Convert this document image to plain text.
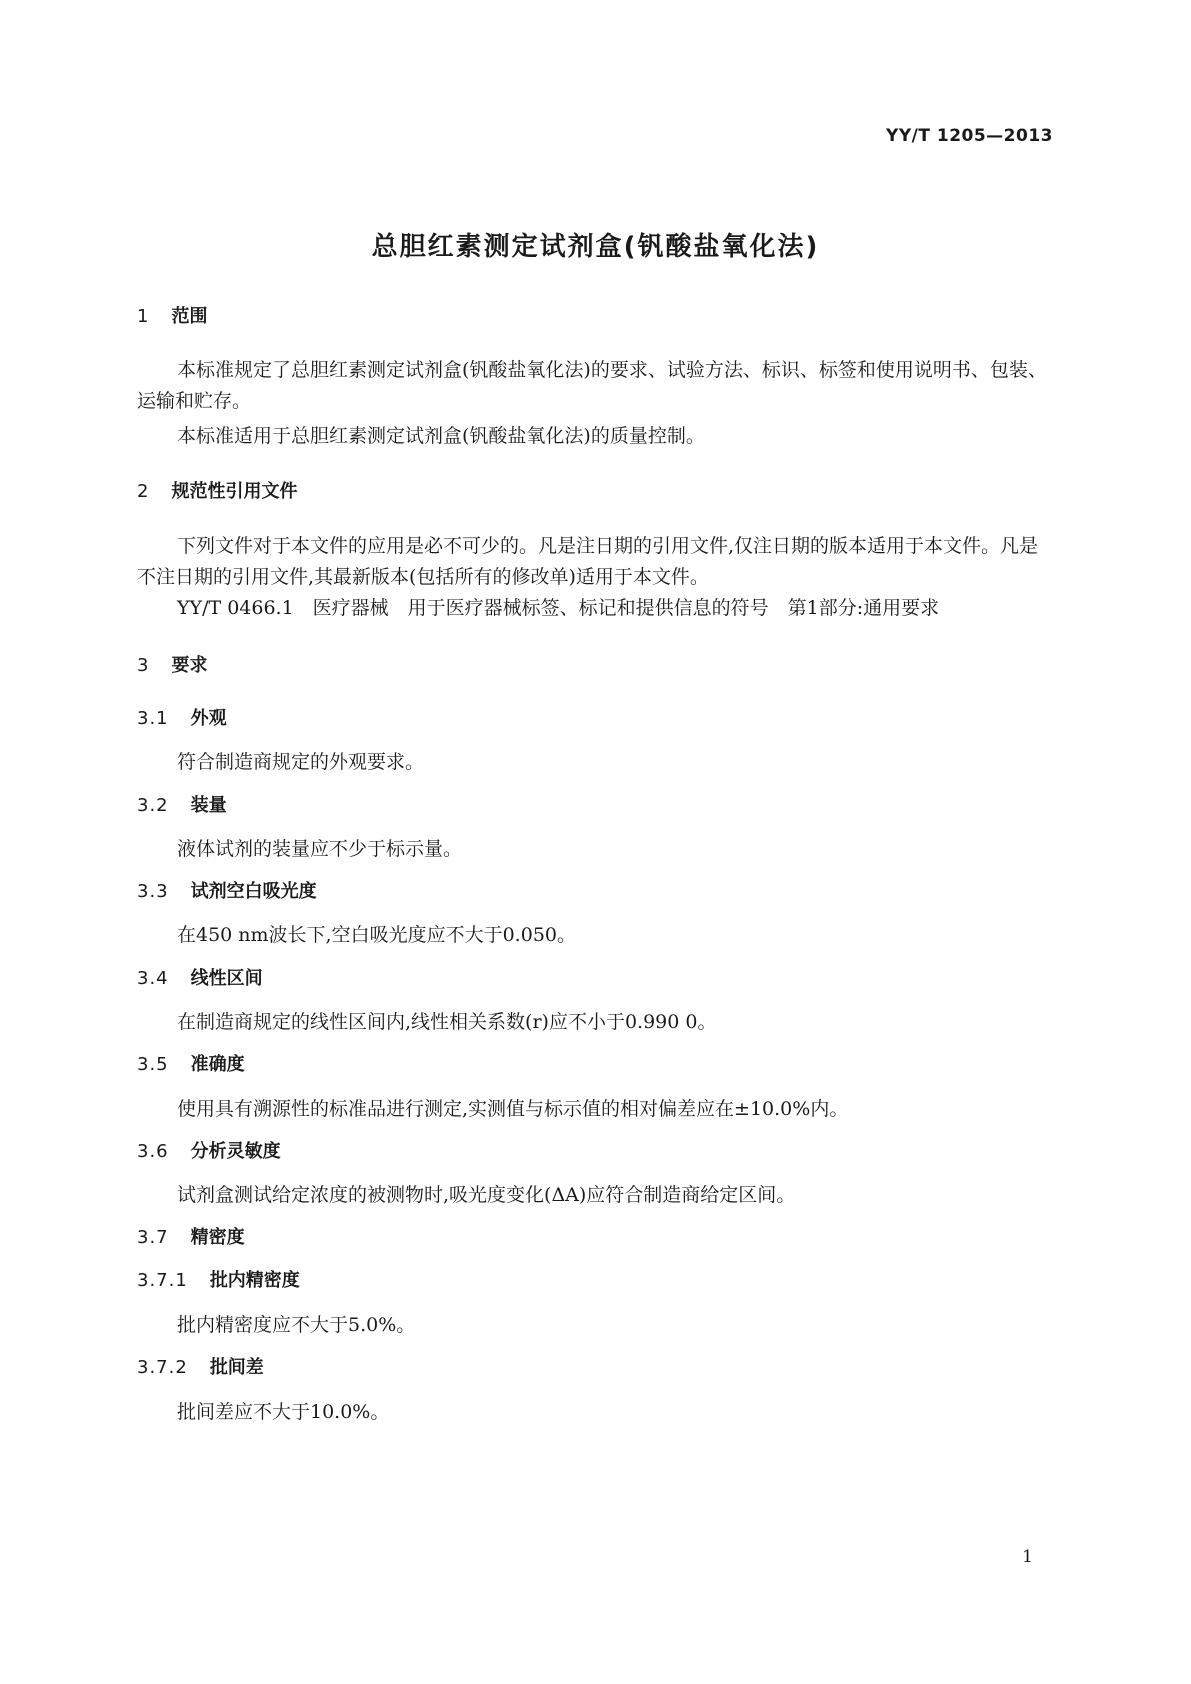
YY/T 1205—2013
总胆红素测定试剂盒(钒酸盐氧化法)
1 范围
本标准规定了总胆红素测定试剂盒(钒酸盐氧化法)的要求、试验方法、标识、标签和使用说明书、包装、运输和贮存。
本标准适用于总胆红素测定试剂盒(钒酸盐氧化法)的质量控制。
2 规范性引用文件
下列文件对于本文件的应用是必不可少的。凡是注日期的引用文件,仅注日期的版本适用于本文件。凡是不注日期的引用文件,其最新版本(包括所有的修改单)适用于本文件。
YY/T 0466.1　医疗器械　用于医疗器械标签、标记和提供信息的符号　第1部分:通用要求
3 要求
3.1 外观
符合制造商规定的外观要求。
3.2 装量
液体试剂的装量应不少于标示量。
3.3 试剂空白吸光度
在450 nm波长下,空白吸光度应不大于0.050。
3.4 线性区间
在制造商规定的线性区间内,线性相关系数(r)应不小于0.990 0。
3.5 准确度
使用具有溯源性的标准品进行测定,实测值与标示值的相对偏差应在±10.0%内。
3.6 分析灵敏度
试剂盒测试给定浓度的被测物时,吸光度变化(ΔA)应符合制造商给定区间。
3.7 精密度
3.7.1 批内精密度
批内精密度应不大于5.0%。
3.7.2 批间差
批间差应不大于10.0%。
1
